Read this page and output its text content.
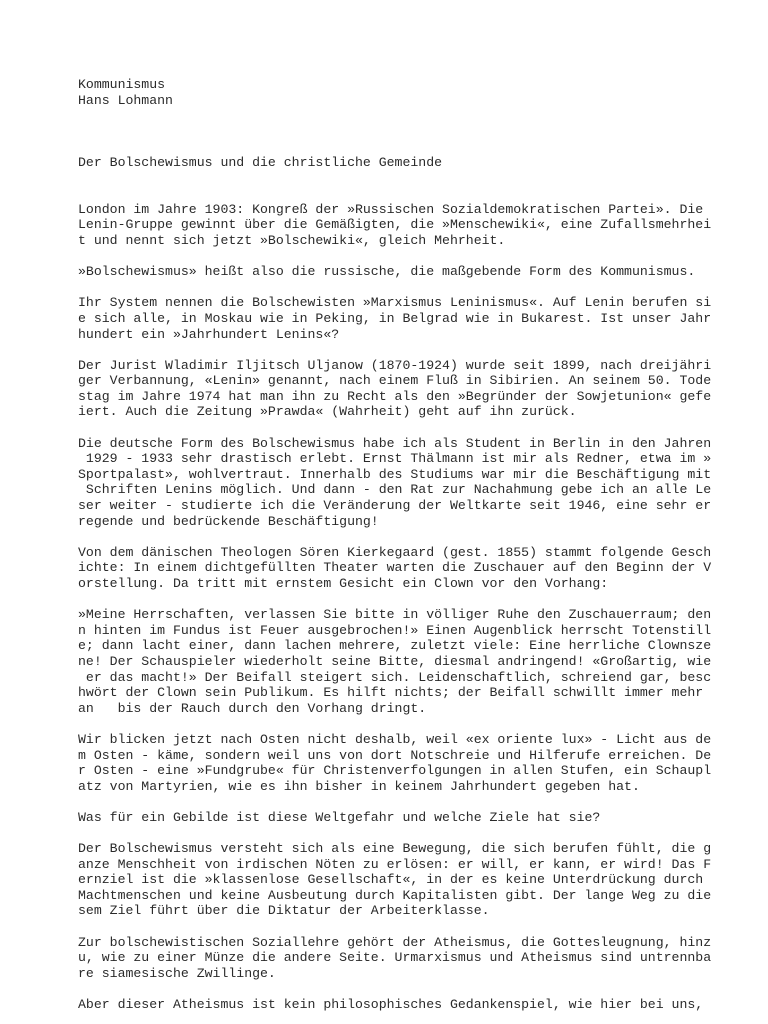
Kommunismus
Hans Lohmann
Der Bolschewismus und die christliche Gemeinde
London im Jahre 1903: Kongreß der »Russischen Sozialdemokratischen Partei». Die
Lenin-Gruppe gewinnt über die Gemäßigten, die »Menschewiki«, eine Zufallsmehrhei
t und nennt sich jetzt »Bolschewiki«, gleich Mehrheit.
»Bolschewismus» heißt also die russische, die maßgebende Form des Kommunismus.
Ihr System nennen die Bolschewisten »Marxismus Leninismus«. Auf Lenin berufen si
e sich alle, in Moskau wie in Peking, in Belgrad wie in Bukarest. Ist unser Jahr
hundert ein »Jahrhundert Lenins«?
Der Jurist Wladimir Iljitsch Uljanow (1870-1924) wurde seit 1899, nach dreijähri
ger Verbannung, «Lenin» genannt, nach einem Fluß in Sibirien. An seinem 50. Tode
stag im Jahre 1974 hat man ihn zu Recht als den »Begründer der Sowjetunion« gefe
iert. Auch die Zeitung »Prawda« (Wahrheit) geht auf ihn zurück.
Die deutsche Form des Bolschewismus habe ich als Student in Berlin in den Jahren
1929 - 1933 sehr drastisch erlebt. Ernst Thälmann ist mir als Redner, etwa im »
Sportpalast», wohlvertraut. Innerhalb des Studiums war mir die Beschäftigung mit
Schriften Lenins möglich. Und dann - den Rat zur Nachahmung gebe ich an alle Le
ser weiter - studierte ich die Veränderung der Weltkarte seit 1946, eine sehr er
regende und bedrückende Beschäftigung!
Von dem dänischen Theologen Sören Kierkegaard (gest. 1855) stammt folgende Gesch
ichte: In einem dichtgefüllten Theater warten die Zuschauer auf den Beginn der V
orstellung. Da tritt mit ernstem Gesicht ein Clown vor den Vorhang:
»Meine Herrschaften, verlassen Sie bitte in völliger Ruhe den Zuschauerraum; den
n hinten im Fundus ist Feuer ausgebrochen!» Einen Augenblick herrscht Totenstill
e; dann lacht einer, dann lachen mehrere, zuletzt viele: Eine herrliche Clownsze
ne! Der Schauspieler wiederholt seine Bitte, diesmal andringend! «Großartig, wie
er das macht!» Der Beifall steigert sich. Leidenschaftlich, schreiend gar, besc
hwört der Clown sein Publikum. Es hilft nichts; der Beifall schwillt immer mehr
an   bis der Rauch durch den Vorhang dringt.
Wir blicken jetzt nach Osten nicht deshalb, weil «ex oriente lux» - Licht aus de
m Osten - käme, sondern weil uns von dort Notschreie und Hilferufe erreichen. De
r Osten - eine »Fundgrube« für Christenverfolgungen in allen Stufen, ein Schaupl
atz von Martyrien, wie es ihn bisher in keinem Jahrhundert gegeben hat.
Was für ein Gebilde ist diese Weltgefahr und welche Ziele hat sie?
Der Bolschewismus versteht sich als eine Bewegung, die sich berufen fühlt, die g
anze Menschheit von irdischen Nöten zu erlösen: er will, er kann, er wird! Das F
ernziel ist die »klassenlose Gesellschaft«, in der es keine Unterdrückung durch
Machtmenschen und keine Ausbeutung durch Kapitalisten gibt. Der lange Weg zu die
sem Ziel führt über die Diktatur der Arbeiterklasse.
Zur bolschewistischen Soziallehre gehört der Atheismus, die Gottesleugnung, hinz
u, wie zu einer Münze die andere Seite. Urmarxismus und Atheismus sind untrennba
re siamesische Zwillinge.
Aber dieser Atheismus ist kein philosophisches Gedankenspiel, wie hier bei uns,
